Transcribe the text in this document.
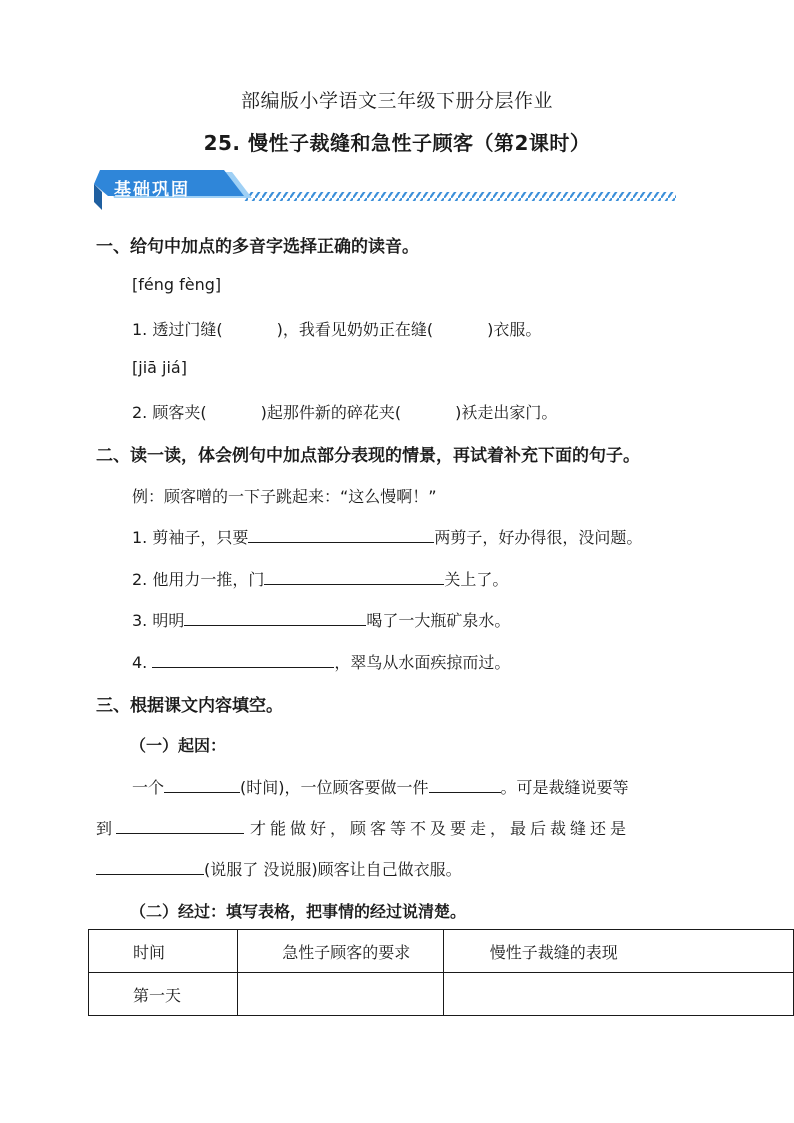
部编版小学语文三年级下册分层作业
25. 慢性子裁缝和急性子顾客（第2课时）
基础巩固
一、给句中加点的多音字选择正确的读音。
[féng fèng]
1. 透过门缝(	)，我看见奶奶正在缝(	)衣服。
[jiā jiá]
2. 顾客夹(	)起那件新的碎花夹(	)袄走出家门。
二、读一读，体会例句中加点部分表现的情景，再试着补充下面的句子。
例：顾客噌的一下子跳起来：“这么慢啊！”
1. 剪袖子，只要	两剪子，好办得很，没问题。
2. 他用力一推，门	关上了。
3. 明明	喝了一大瓶矿泉水。
4.	，翠鸟从水面疾掠而过。
三、根据课文内容填空。
（一）起因：
一个	(时间)，一位顾客要做一件	。可是裁缝说要等
到	才能做好，顾客等不及要走，最后裁缝还是
(说服了 没说服)顾客让自己做衣服。
（二）经过：填写表格，把事情的经过说清楚。
时间	急性子顾客的要求	慢性子裁缝的表现
第一天		
